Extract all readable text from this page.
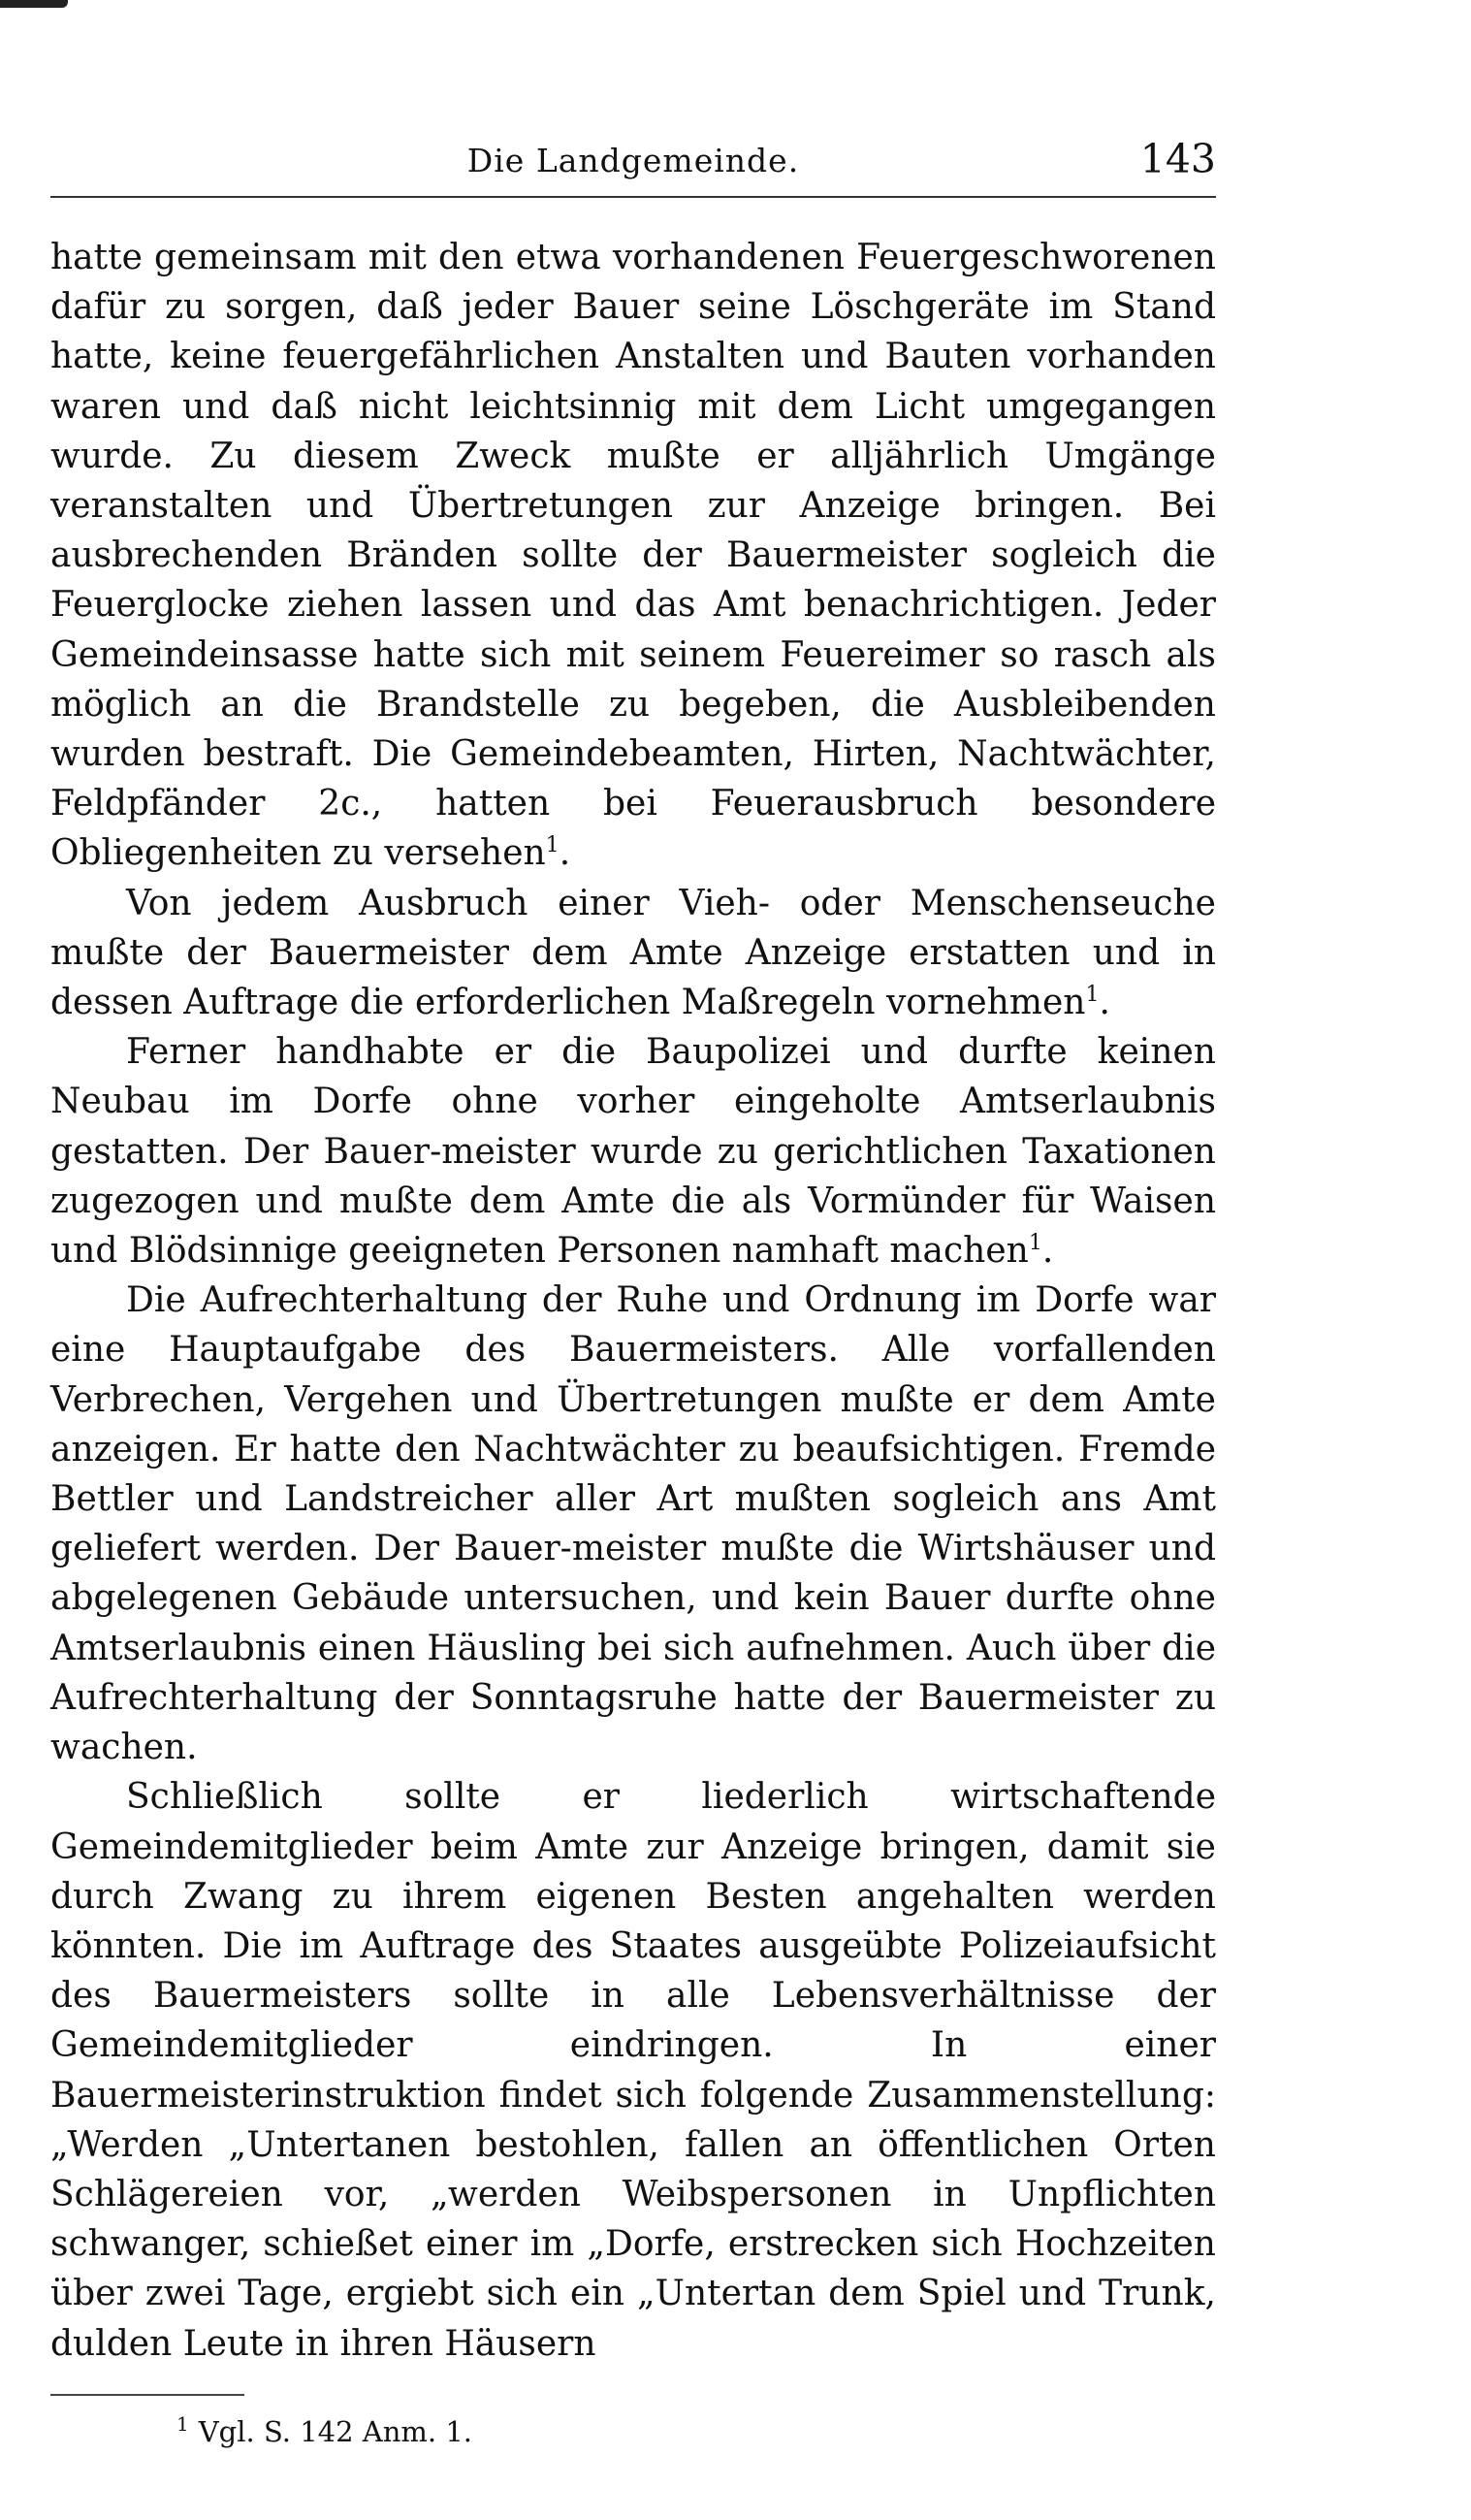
Die Landgemeinde.	143

hatte gemeinsam mit den etwa vorhandenen Feuergeschworenen dafür zu sorgen, daß jeder Bauer seine Löschgeräte im Stand hatte, keine feuergefährlichen Anstalten und Bauten vorhanden waren und daß nicht leichtsinnig mit dem Licht umgegangen wurde. Zu diesem Zweck mußte er alljährlich Umgänge veranstalten und Übertretungen zur Anzeige bringen. Bei ausbrechenden Bränden sollte der Bauermeister sogleich die Feuerglocke ziehen lassen und das Amt benachrichtigen. Jeder Gemeindeinsasse hatte sich mit seinem Feuereimer so rasch als möglich an die Brandstelle zu begeben, die Ausbleibenden wurden bestraft. Die Gemeindebeamten, Hirten, Nachtwächter, Feldpfänder 2c., hatten bei Feuerausbruch besondere Obliegenheiten zu versehen$^1$.

Von jedem Ausbruch einer Vieh- oder Menschenseuche mußte der Bauermeister dem Amte Anzeige erstatten und in dessen Auftrage die erforderlichen Maßregeln vornehmen$^1$.

Ferner handhabte er die Baupolizei und durfte keinen Neubau im Dorfe ohne vorher eingeholte Amtserlaubnis gestatten. Der Bauer-meister wurde zu gerichtlichen Taxationen zugezogen und mußte dem Amte die als Vormünder für Waisen und Blödsinnige geeigneten Personen namhaft machen$^1$.

Die Aufrechterhaltung der Ruhe und Ordnung im Dorfe war eine Hauptaufgabe des Bauermeisters. Alle vorfallenden Verbrechen, Vergehen und Übertretungen mußte er dem Amte anzeigen. Er hatte den Nachtwächter zu beaufsichtigen. Fremde Bettler und Landstreicher aller Art mußten sogleich ans Amt geliefert werden. Der Bauer-meister mußte die Wirtshäuser und abgelegenen Gebäude untersuchen, und kein Bauer durfte ohne Amtserlaubnis einen Häusling bei sich aufnehmen. Auch über die Aufrechterhaltung der Sonntagsruhe hatte der Bauermeister zu wachen.

Schließlich sollte er liederlich wirtschaftende Gemeindemitglieder beim Amte zur Anzeige bringen, damit sie durch Zwang zu ihrem eigenen Besten angehalten werden könnten. Die im Auftrage des Staates ausgeübte Polizeiaufsicht des Bauermeisters sollte in alle Lebensverhältnisse der Gemeindemitglieder eindringen. In einer Bauermeisterinstruktion findet sich folgende Zusammenstellung: „Werden „Untertanen bestohlen, fallen an öffentlichen Orten Schlägereien vor, „werden Weibspersonen in Unpflichten schwanger, schießet einer im „Dorfe, erstrecken sich Hochzeiten über zwei Tage, ergiebt sich ein „Untertan dem Spiel und Trunk, dulden Leute in ihren Häusern

$^1$ Vgl. S. 142 Anm. 1.
